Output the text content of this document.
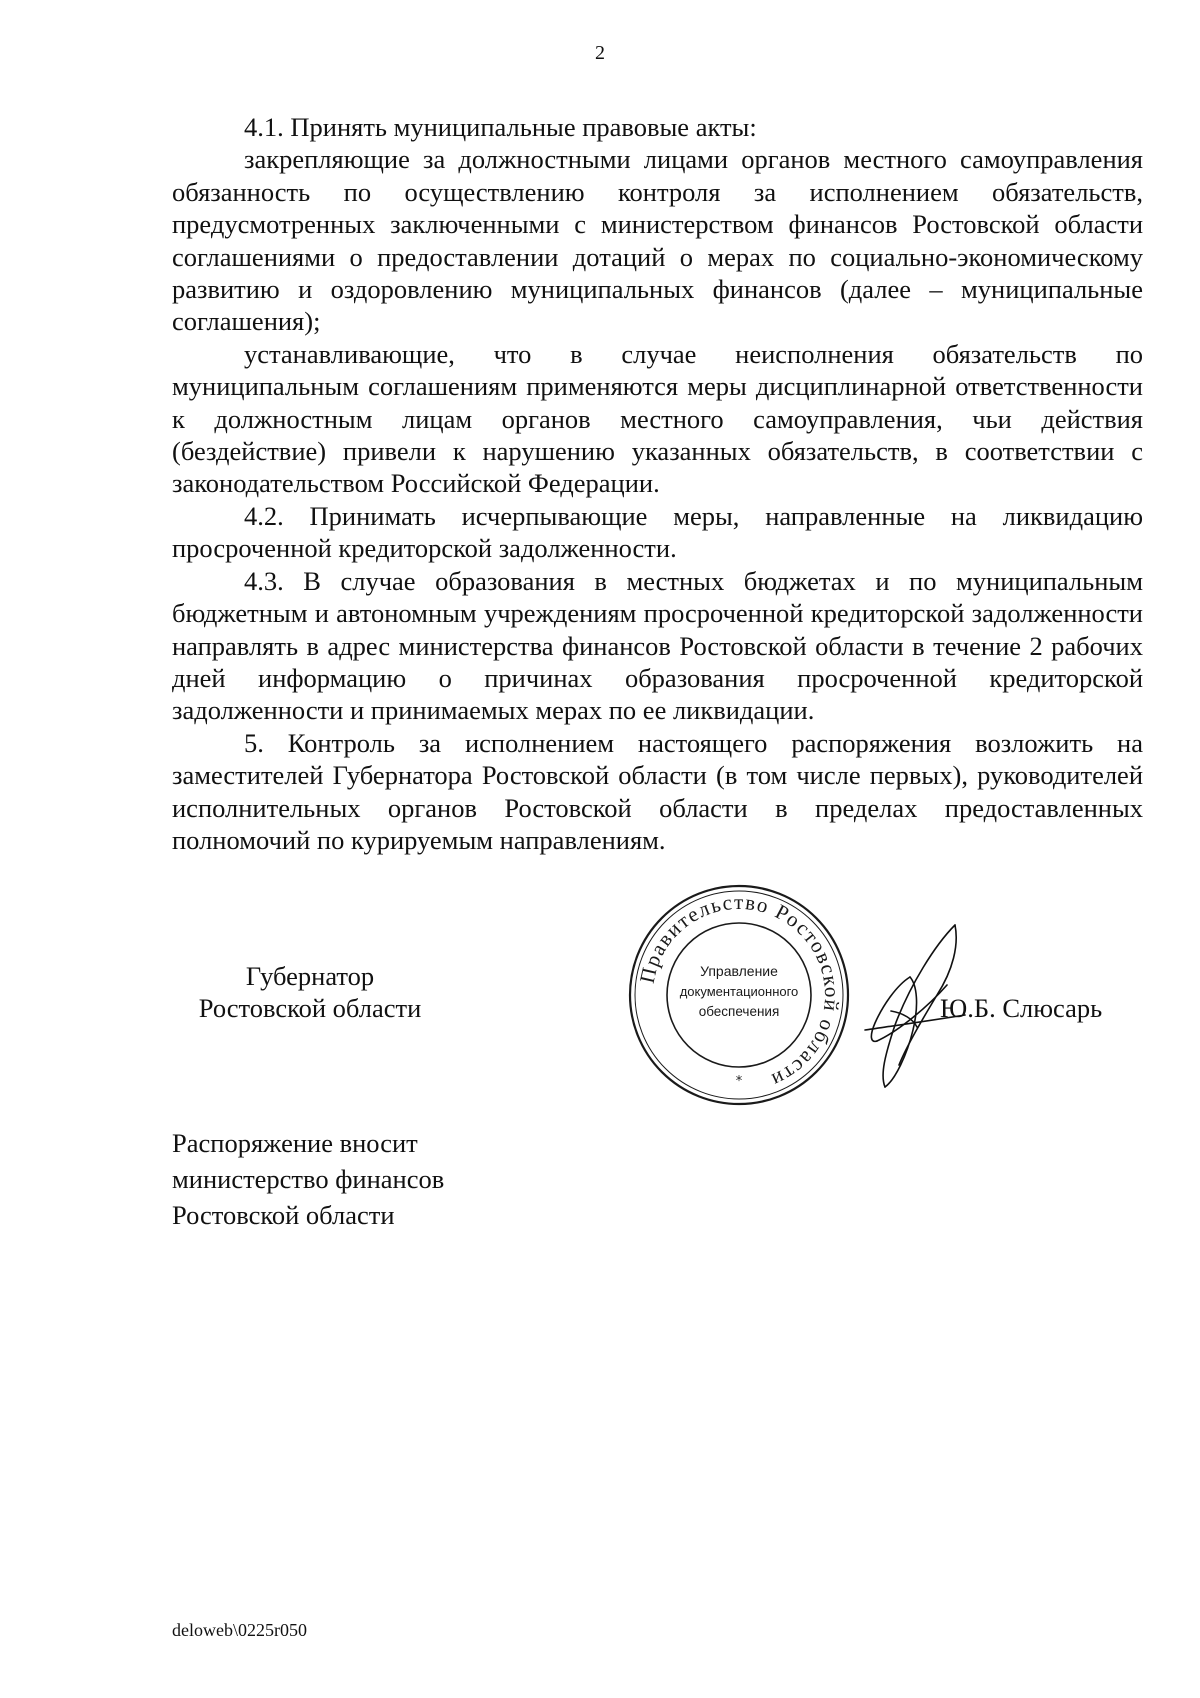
2

4.1. Принять муниципальные правовые акты:

закрепляющие за должностными лицами органов местного самоуправления обязанность по осуществлению контроля за исполнением обязательств, предусмотренных заключенными с министерством финансов Ростовской области соглашениями о предоставлении дотаций о мерах по социально-экономическому развитию и оздоровлению муниципальных финансов (далее – муниципальные соглашения);

устанавливающие, что в случае неисполнения обязательств по муниципальным соглашениям применяются меры дисциплинарной ответственности к должностным лицам органов местного самоуправления, чьи действия (бездействие) привели к нарушению указанных обязательств, в соответствии с законодательством Российской Федерации.

4.2. Принимать исчерпывающие меры, направленные на ликвидацию просроченной кредиторской задолженности.

4.3. В случае образования в местных бюджетах и по муниципальным бюджетным и автономным учреждениям просроченной кредиторской задолженности направлять в адрес министерства финансов Ростовской области в течение 2 рабочих дней информацию о причинах образования просроченной кредиторской задолженности и принимаемых мерах по ее ликвидации.

5. Контроль за исполнением настоящего распоряжения возложить на заместителей Губернатора Ростовской области (в том числе первых), руководителей исполнительных органов Ростовской области в пределах предоставленных полномочий по курируемым направлениям.

Губернатор
Ростовской области
Правительство Ростовской области
Управление
документационного
обеспечения
*
Ю.Б. Слюсарь
Распоряжение вносит
министерство финансов
Ростовской области
deloweb\0225r050
